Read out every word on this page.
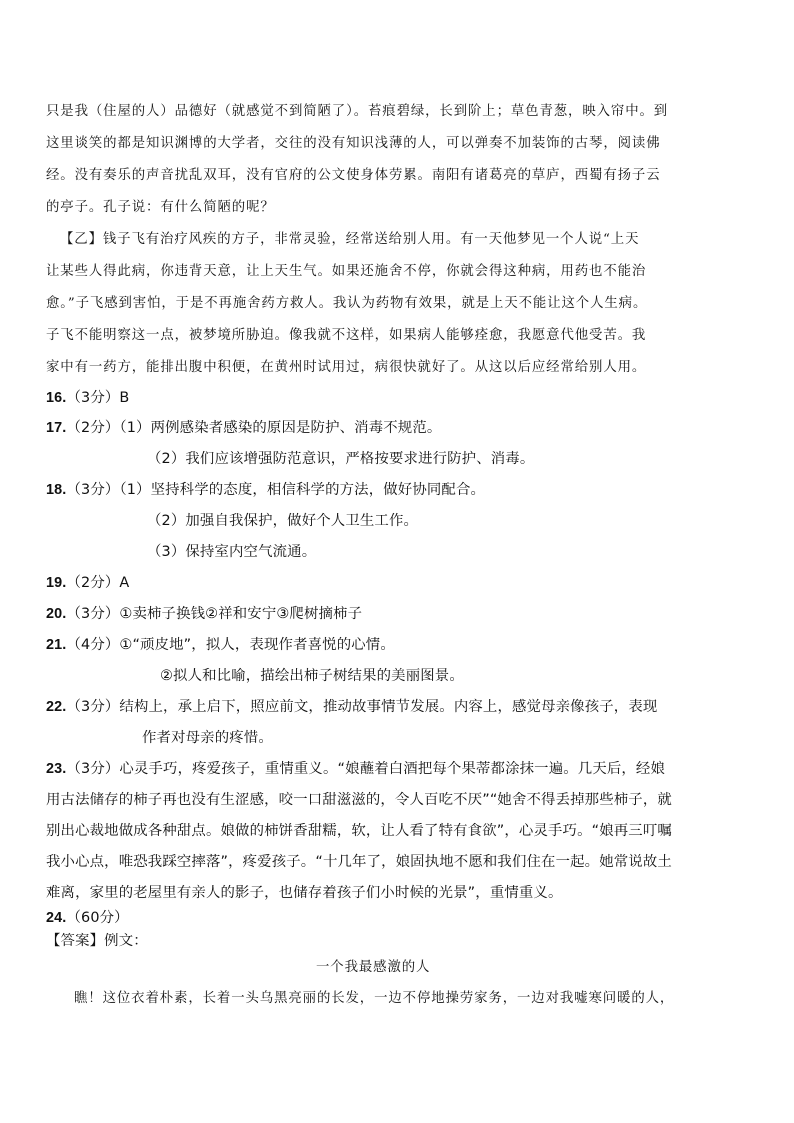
只是我（住屋的人）品德好（就感觉不到简陋了）。苔痕碧绿，长到阶上；草色青葱，映入帘中。到
这里谈笑的都是知识渊博的大学者，交往的没有知识浅薄的人，可以弹奏不加装饰的古琴，阅读佛
经。没有奏乐的声音扰乱双耳，没有官府的公文使身体劳累。南阳有诸葛亮的草庐，西蜀有扬子云
的亭子。孔子说：有什么简陋的呢？
【乙】钱子飞有治疗风疾的方子，非常灵验，经常送给别人用。有一天他梦见一个人说“上天
让某些人得此病，你违背天意，让上天生气。如果还施舍不停，你就会得这种病，用药也不能治
愈。”子飞感到害怕，于是不再施舍药方救人。我认为药物有效果，就是上天不能让这个人生病。
子飞不能明察这一点，被梦境所胁迫。像我就不这样，如果病人能够痊愈，我愿意代他受苦。我
家中有一药方，能排出腹中积便，在黄州时试用过，病很快就好了。从这以后应经常给别人用。
16.（3分）B
17.（2分）（1）两例感染者感染的原因是防护、消毒不规范。
（2）我们应该增强防范意识，严格按要求进行防护、消毒。
18.（3分）（1）坚持科学的态度，相信科学的方法，做好协同配合。
（2）加强自我保护，做好个人卫生工作。
（3）保持室内空气流通。
19.（2分）A
20.（3分）①卖柿子换钱②祥和安宁③爬树摘柿子
21.（4分）①“顽皮地”，拟人，表现作者喜悦的心情。
②拟人和比喻，描绘出柿子树结果的美丽图景。
22.（3分）结构上，承上启下，照应前文，推动故事情节发展。内容上，感觉母亲像孩子，表现
作者对母亲的疼惜。
23.（3分）心灵手巧，疼爱孩子，重情重义。“娘蘸着白酒把每个果蒂都涂抹一遍。几天后，经娘
用古法储存的柿子再也没有生涩感，咬一口甜滋滋的，令人百吃不厌”“她舍不得丢掉那些柿子，就
别出心裁地做成各种甜点。娘做的柿饼香甜糯，软，让人看了特有食欲”，心灵手巧。“娘再三叮嘱
我小心点，唯恐我踩空摔落”，疼爱孩子。“十几年了，娘固执地不愿和我们住在一起。她常说故土
难离，家里的老屋里有亲人的影子，也储存着孩子们小时候的光景”，重情重义。
24.（60分）
【答案】例文：
一个我最感激的人
瞧！这位衣着朴素，长着一头乌黑亮丽的长发，一边不停地操劳家务，一边对我嘘寒问暖的人，
